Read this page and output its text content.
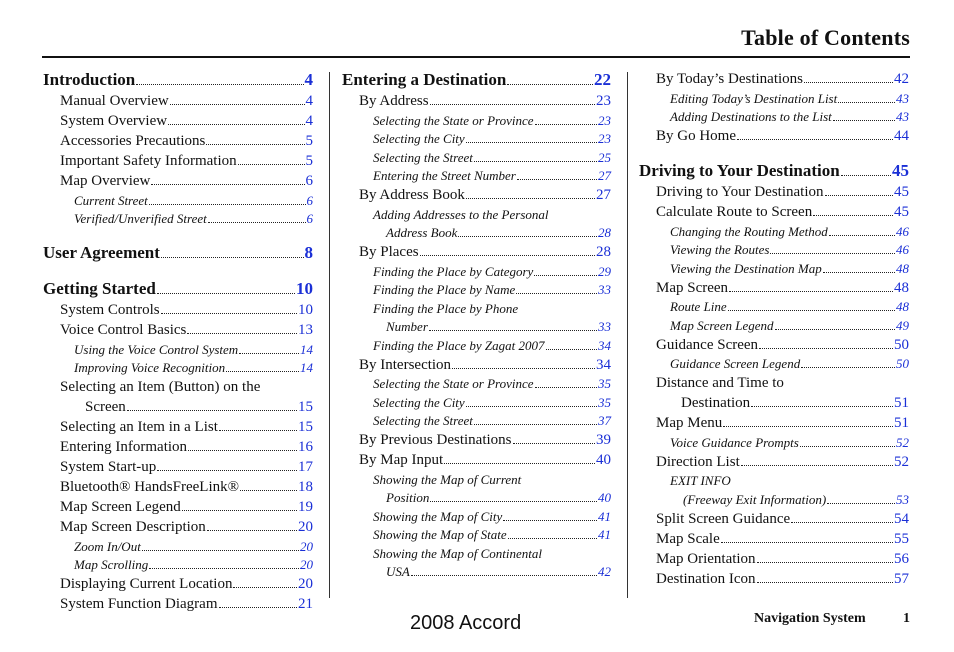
Table of Contents
Introduction	4
Manual Overview	4
System Overview	4
Accessories Precautions	5
Important Safety Information	5
Map Overview	6
Current Street	6
Verified/Unverified Street	6
User Agreement	8
Getting Started	10
System Controls	10
Voice Control Basics	13
Using the Voice Control System	14
Improving Voice Recognition	14
Selecting an Item (Button) on the
Screen	15
Selecting an Item in a List	15
Entering Information	16
System Start-up	17
Bluetooth® HandsFreeLink®	18
Map Screen Legend	19
Map Screen Description	20
Zoom In/Out	20
Map Scrolling	20
Displaying Current Location	20
System Function Diagram	21
Entering a Destination	22
By Address	23
Selecting the State or Province	23
Selecting the City	23
Selecting the Street	25
Entering the Street Number	27
By Address Book	27
Adding Addresses to the Personal
Address Book	28
By Places	28
Finding the Place by Category	29
Finding the Place by Name	33
Finding the Place by Phone
Number	33
Finding the Place by Zagat 2007	34
By Intersection	34
Selecting the State or Province	35
Selecting the City	35
Selecting the Street	37
By Previous Destinations	39
By Map Input	40
Showing the Map of Current
Position	40
Showing the Map of City	41
Showing the Map of State	41
Showing the Map of Continental
USA	42
By Today’s Destinations	42
Editing Today’s Destination List	43
Adding Destinations to the List	43
By Go Home	44
Driving to Your Destination	45
Driving to Your Destination	45
Calculate Route to Screen	45
Changing the Routing Method	46
Viewing the Routes	46
Viewing the Destination Map	48
Map Screen	48
Route Line	48
Map Screen Legend	49
Guidance Screen	50
Guidance Screen Legend	50
Distance and Time to
Destination	51
Map Menu	51
Voice Guidance Prompts	52
Direction List	52
EXIT INFO
(Freeway Exit Information)	53
Split Screen Guidance	54
Map Scale	55
Map Orientation	56
Destination Icon	57
2008 Accord	Navigation System	1
